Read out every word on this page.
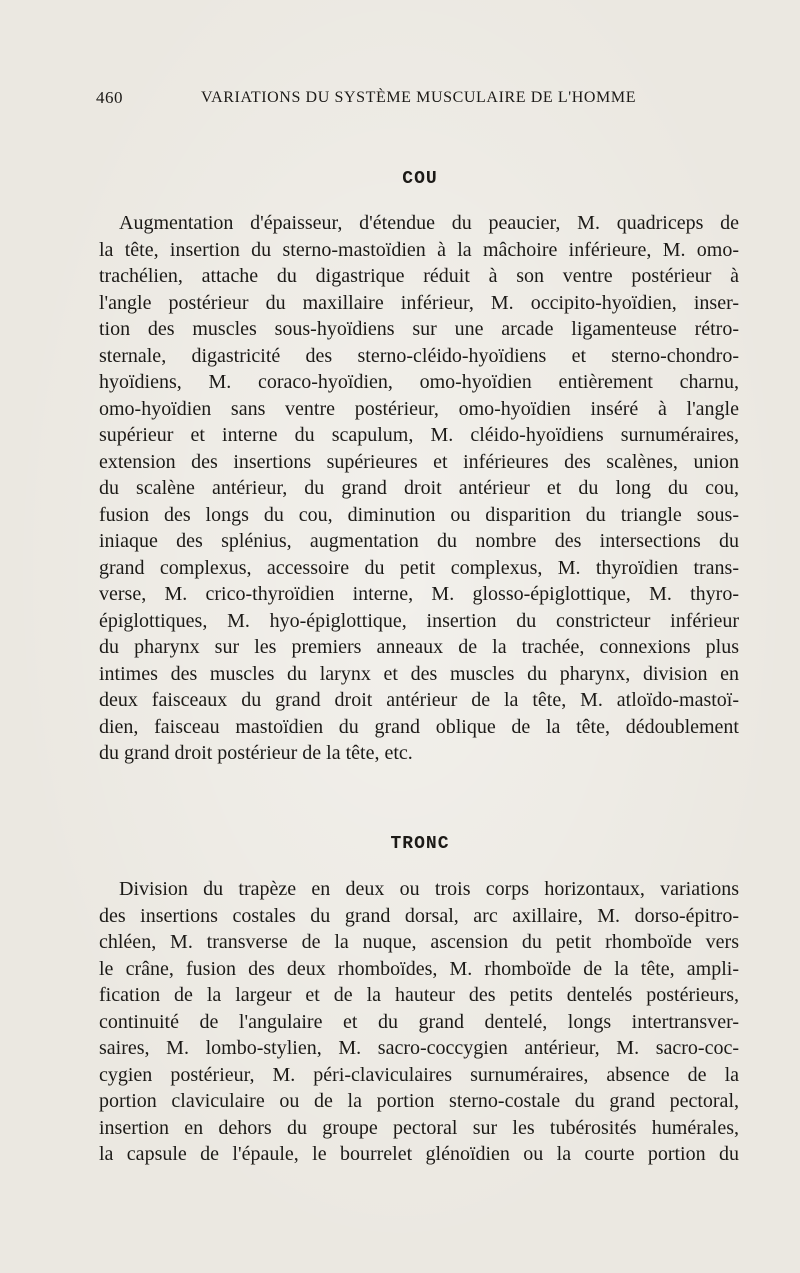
460	VARIATIONS DU SYSTÈME MUSCULAIRE DE L'HOMME
COU
Augmentation d'épaisseur, d'étendue du peaucier, M. quadriceps de
la tête, insertion du sterno-mastoïdien à la mâchoire inférieure, M. omo-
trachélien, attache du digastrique réduit à son ventre postérieur à
l'angle postérieur du maxillaire inférieur, M. occipito-hyoïdien, inser-
tion des muscles sous-hyoïdiens sur une arcade ligamenteuse rétro-
sternale, digastricité des sterno-cléido-hyoïdiens et sterno-chondro-
hyoïdiens, M. coraco-hyoïdien, omo-hyoïdien entièrement charnu,
omo-hyoïdien sans ventre postérieur, omo-hyoïdien inséré à l'angle
supérieur et interne du scapulum, M. cléido-hyoïdiens surnuméraires,
extension des insertions supérieures et inférieures des scalènes, union
du scalène antérieur, du grand droit antérieur et du long du cou,
fusion des longs du cou, diminution ou disparition du triangle sous-
iniaque des splénius, augmentation du nombre des intersections du
grand complexus, accessoire du petit complexus, M. thyroïdien trans-
verse, M. crico-thyroïdien interne, M. glosso-épiglottique, M. thyro-
épiglottiques, M. hyo-épiglottique, insertion du constricteur inférieur
du pharynx sur les premiers anneaux de la trachée, connexions plus
intimes des muscles du larynx et des muscles du pharynx, division en
deux faisceaux du grand droit antérieur de la tête, M. atloïdo-mastoï-
dien, faisceau mastoïdien du grand oblique de la tête, dédoublement
du grand droit postérieur de la tête, etc.
TRONC
Division du trapèze en deux ou trois corps horizontaux, variations
des insertions costales du grand dorsal, arc axillaire, M. dorso-épitro-
chléen, M. transverse de la nuque, ascension du petit rhomboïde vers
le crâne, fusion des deux rhomboïdes, M. rhomboïde de la tête, ampli-
fication de la largeur et de la hauteur des petits dentelés postérieurs,
continuité de l'angulaire et du grand dentelé, longs intertransver-
saires, M. lombo-stylien, M. sacro-coccygien antérieur, M. sacro-coc-
cygien postérieur, M. péri-claviculaires surnuméraires, absence de la
portion claviculaire ou de la portion sterno-costale du grand pectoral,
insertion en dehors du groupe pectoral sur les tubérosités humérales,
la capsule de l'épaule, le bourrelet glénoïdien ou la courte portion du
